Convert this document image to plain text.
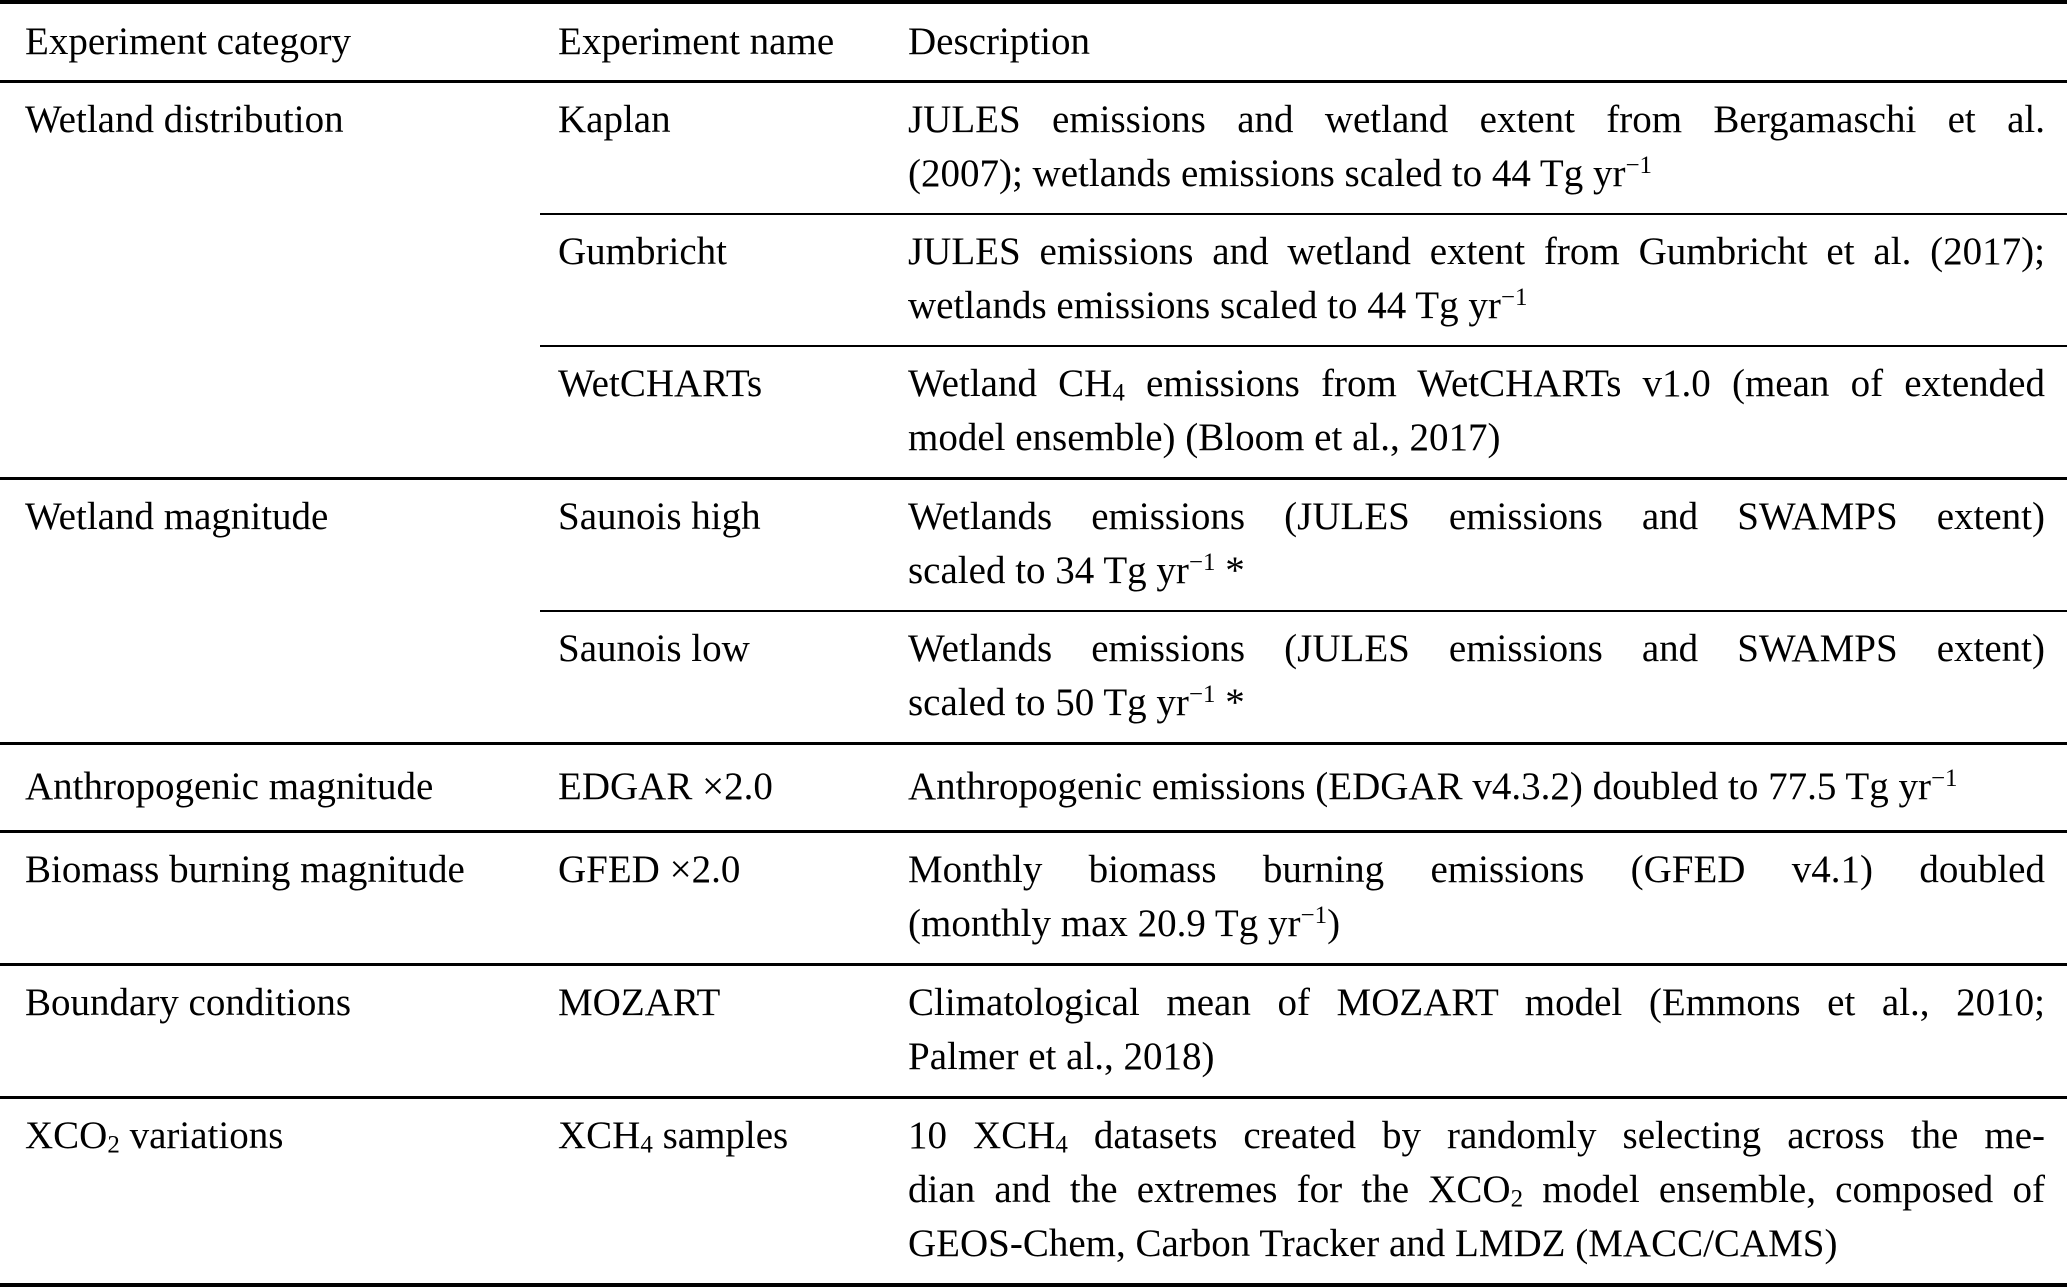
Experiment category	Experiment name	Description

Wetland distribution	Kaplan	JULES emissions and wetland extent from Bergamaschi et al.
(2007); wetlands emissions scaled to 44 Tg $yr^{-1}$

	Gumbricht	JULES emissions and wetland extent from Gumbricht et al. (2017);
wetlands emissions scaled to 44 Tg $yr^{-1}$

	WetCHARTs	Wetland $CH_4$ emissions from WetCHARTs v1.0 (mean of extended
model ensemble) (Bloom et al., 2017)

Wetland magnitude	Saunois high	Wetlands emissions (JULES emissions and SWAMPS extent)
scaled to 34 Tg $yr^{-1}$ *

	Saunois low	Wetlands emissions (JULES emissions and SWAMPS extent)
scaled to 50 Tg $yr^{-1}$ *

Anthropogenic magnitude	EDGAR ×2.0	Anthropogenic emissions (EDGAR v4.3.2) doubled to 77.5 Tg $yr^{-1}$

Biomass burning magnitude	GFED ×2.0	Monthly biomass burning emissions (GFED v4.1) doubled
(monthly max 20.9 Tg $yr^{-1}$)

Boundary conditions	MOZART	Climatological mean of MOZART model (Emmons et al., 2010;
Palmer et al., 2018)

$XCO_2$ variations	$XCH_4$ samples	10 $XCH_4$ datasets created by randomly selecting across the me-
dian and the extremes for the $XCO_2$ model ensemble, composed of
GEOS-Chem, Carbon Tracker and LMDZ (MACC/CAMS)
